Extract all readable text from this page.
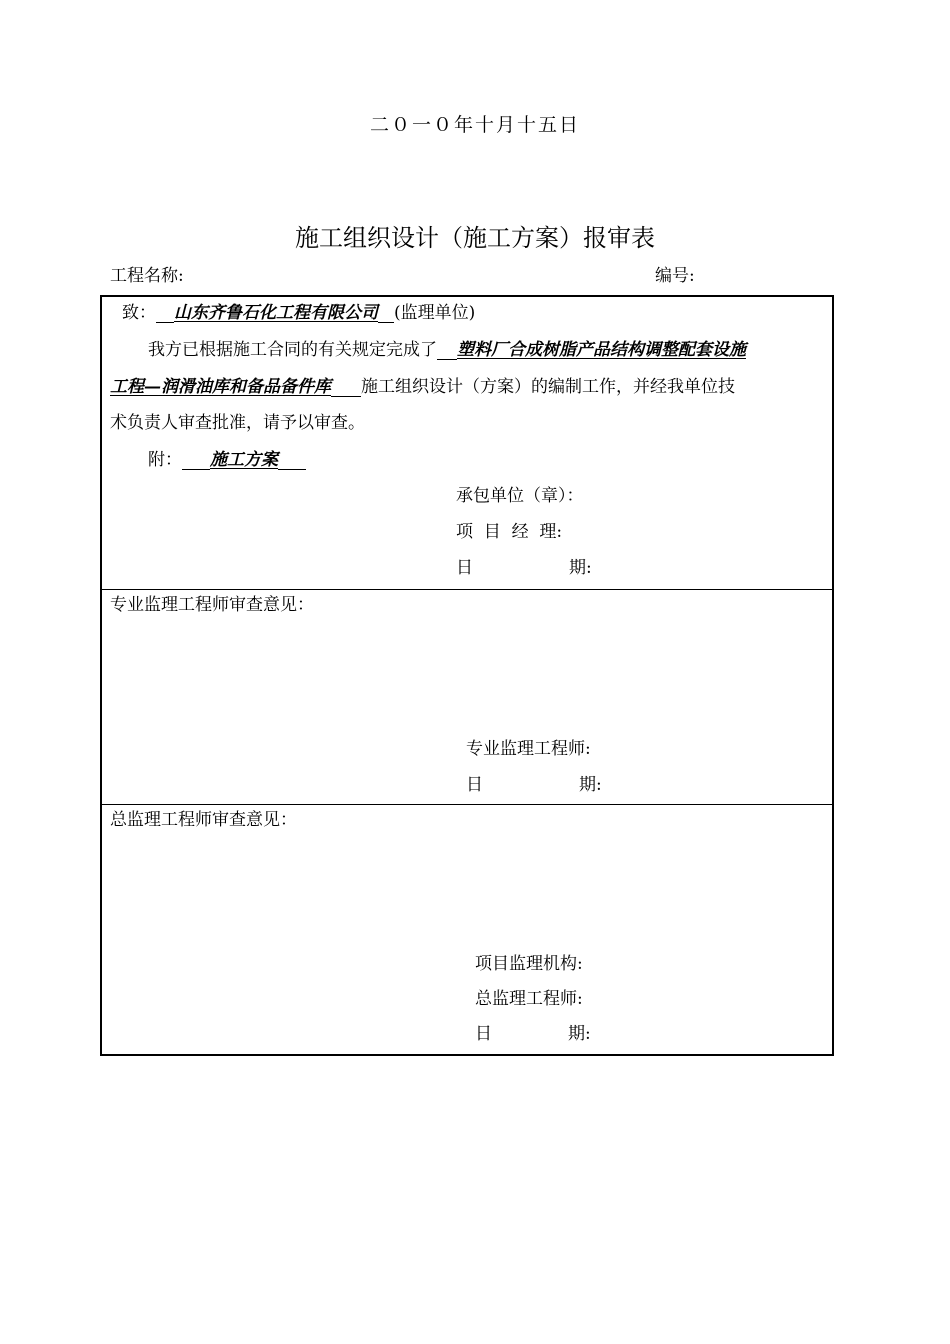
二０一０年十月十五日
施工组织设计（施工方案）报审表
工程名称:	编号:
致： 山东齐鲁石化工程有限公司 (监理单位)
我方已根据施工合同的有关规定完成了 塑料厂合成树脂产品结构调整配套设施
工程—润滑油库和备品备件库 施工组织设计（方案）的编制工作，并经我单位技
术负责人审查批准，请予以审查。
附： 施工方案
承包单位（章）：
项  目  经  理:
日	期:
专业监理工程师审查意见：
专业监理工程师:
日	期:
总监理工程师审查意见：
项目监理机构:
总监理工程师:
日	期:
